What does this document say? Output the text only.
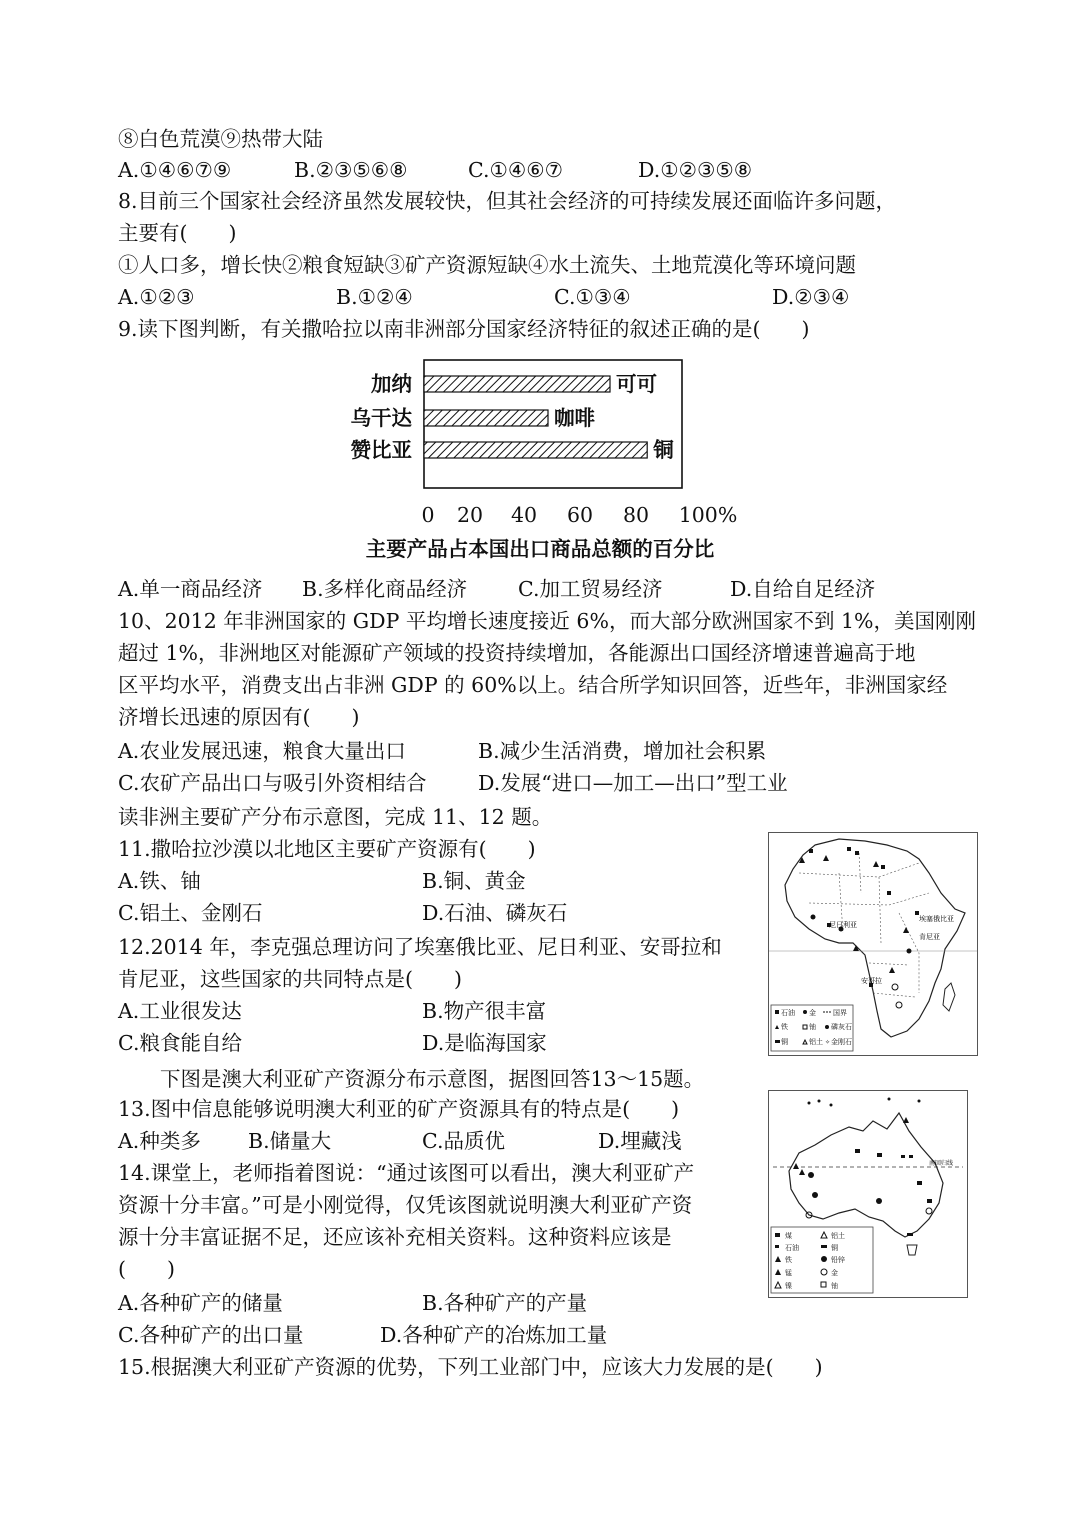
⑧白色荒漠⑨热带大陆
A.①④⑥⑦⑨	B.②③⑤⑥⑧	C.①④⑥⑦	D.①②③⑤⑧
8.目前三个国家社会经济虽然发展较快，但其社会经济的可持续发展还面临许多问题，
主要有(　　)
①人口多，增长快②粮食短缺③矿产资源短缺④水土流失、土地荒漠化等环境问题
A.①②③	B.①②④	C.①③④	D.②③④
9.读下图判断，有关撒哈拉以南非洲部分国家经济特征的叙述正确的是(　　)
加纳
乌干达
赞比亚
可可
咖啡
铜
0 20 40 60 80 100%
主要产品占本国出口商品总额的百分比
A.单一商品经济 B.多样化商品经济 C.加工贸易经济	D.自给自足经济
10、2012 年非洲国家的 GDP 平均增长速度接近 6%，而大部分欧洲国家不到 1%，美国刚刚
超过 1%，非洲地区对能源矿产领域的投资持续增加，各能源出口国经济增速普遍高于地
区平均水平，消费支出占非洲 GDP 的 60%以上。结合所学知识回答，近些年，非洲国家经
济增长迅速的原因有(　　)
A.农业发展迅速，粮食大量出口	B.减少生活消费，增加社会积累
C.农矿产品出口与吸引外资相结合	D.发展“进口—加工—出口”型工业
读非洲主要矿产分布示意图，完成 11、12 题。
11.撒哈拉沙漠以北地区主要矿产资源有(　　)
A.铁、铀	B.铜、黄金
C.铝土、金刚石	D.石油、磷灰石
12.2014 年，李克强总理访问了埃塞俄比亚、尼日利亚、安哥拉和
肯尼亚，这些国家的共同特点是(　　)
A.工业很发达	B.物产很丰富
C.粮食能自给	D.是临海国家
尼日利亚
埃塞俄比亚
肯尼亚
安哥拉
石油 金 国界
铁	铀 磷灰石
铜	铝土 ✧ 金刚石
下图是澳大利亚矿产资源分布示意图，据图回答13～15题。
13.图中信息能够说明澳大利亚的矿产资源具有的特点是(　　)
A.种类多 B.储量大	C.品质优	D.埋藏浅
14.课堂上，老师指着图说：“通过该图可以看出，澳大利亚矿产
资源十分丰富。”可是小刚觉得，仅凭该图就说明澳大利亚矿产资
源十分丰富证据不足，还应该补充相关资料。这种资料应该是
(　　)
A.各种矿产的储量	B.各种矿产的产量
C.各种矿产的出口量	D.各种矿产的冶炼加工量
南回归线
煤	铝土
石油	铜
铁	铅锌
锰	金
镍	铀
15.根据澳大利亚矿产资源的优势，下列工业部门中，应该大力发展的是(　　)
